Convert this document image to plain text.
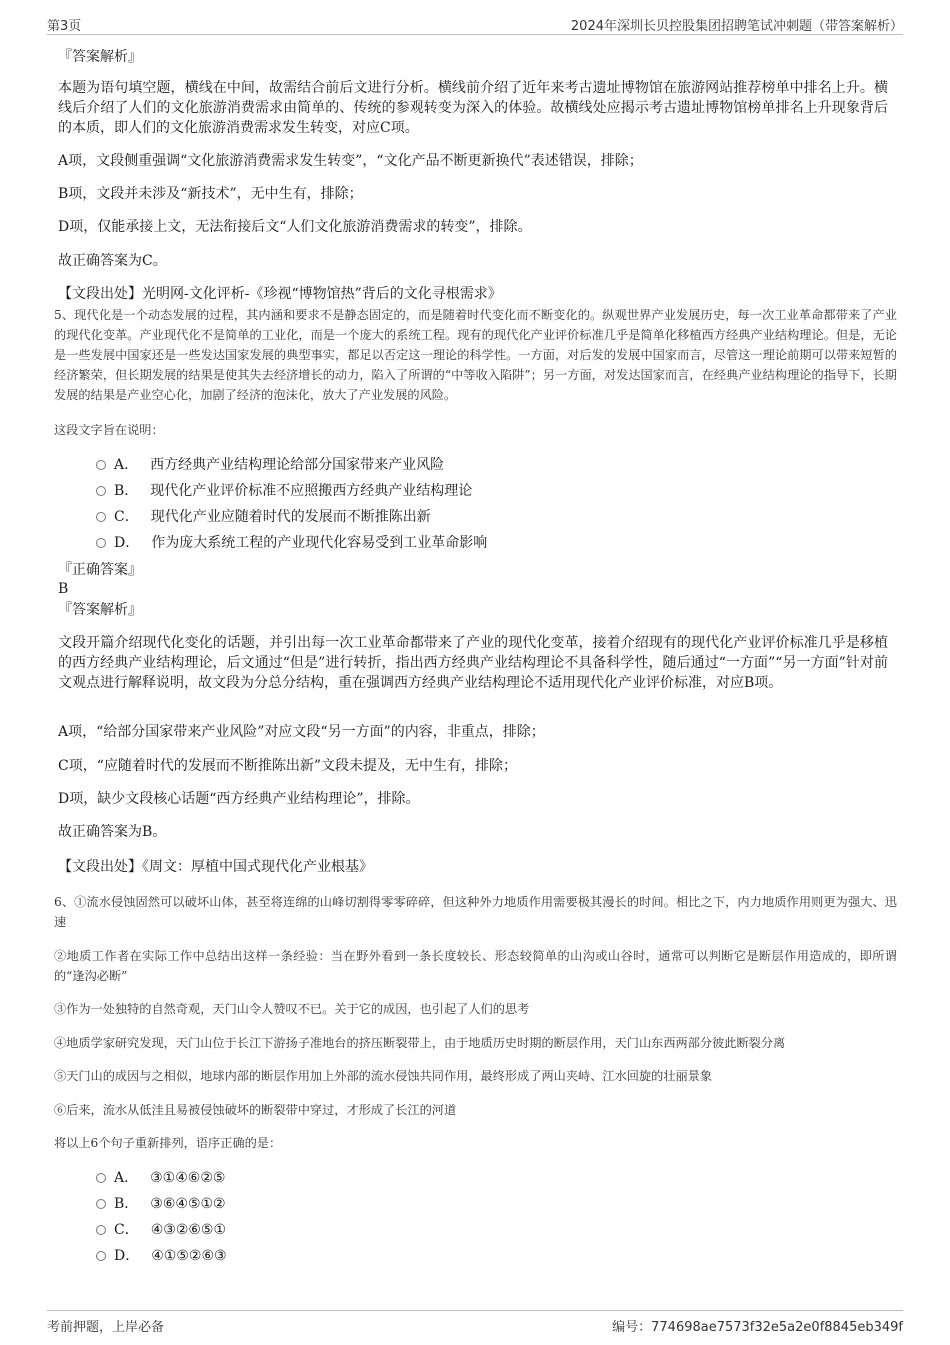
第3页	2024年深圳长贝控股集团招聘笔试冲刺题（带答案解析）
『答案解析』
本题为语句填空题，横线在中间，故需结合前后文进行分析。横线前介绍了近年来考古遗址博物馆在旅游网站推荐榜单中排名上升。横线后介绍了人们的文化旅游消费需求由简单的、传统的参观转变为深入的体验。故横线处应揭示考古遗址博物馆榜单排名上升现象背后的本质，即人们的文化旅游消费需求发生转变，对应C项。
A项，文段侧重强调“文化旅游消费需求发生转变”，“文化产品不断更新换代”表述错误，排除；
B项，文段并未涉及“新技术”，无中生有，排除；
D项，仅能承接上文，无法衔接后文“人们文化旅游消费需求的转变”，排除。
故正确答案为C。
【文段出处】光明网-文化评析-《珍视“博物馆热”背后的文化寻根需求》
5、现代化是一个动态发展的过程，其内涵和要求不是静态固定的，而是随着时代变化而不断变化的。纵观世界产业发展历史，每一次工业革命都带来了产业的现代化变革。产业现代化不是简单的工业化，而是一个庞大的系统工程。现有的现代化产业评价标准几乎是简单化移植西方经典产业结构理论。但是，无论是一些发展中国家还是一些发达国家发展的典型事实，都足以否定这一理论的科学性。一方面，对后发的发展中国家而言，尽管这一理论前期可以带来短暂的经济繁荣，但长期发展的结果是使其失去经济增长的动力，陷入了所谓的“中等收入陷阱”；另一方面，对发达国家而言，在经典产业结构理论的指导下，长期发展的结果是产业空心化，加剧了经济的泡沫化，放大了产业发展的风险。
这段文字旨在说明：
A． 西方经典产业结构理论给部分国家带来产业风险
B． 现代化产业评价标准不应照搬西方经典产业结构理论
C． 现代化产业应随着时代的发展而不断推陈出新
D． 作为庞大系统工程的产业现代化容易受到工业革命影响
『正确答案』
B
『答案解析』
文段开篇介绍现代化变化的话题，并引出每一次工业革命都带来了产业的现代化变革，接着介绍现有的现代化产业评价标准几乎是移植的西方经典产业结构理论，后文通过“但是”进行转折，指出西方经典产业结构理论不具备科学性，随后通过“一方面”“另一方面”针对前文观点进行解释说明，故文段为分总分结构，重在强调西方经典产业结构理论不适用现代化产业评价标准，对应B项。
A项，“给部分国家带来产业风险”对应文段“另一方面”的内容，非重点，排除；
C项，“应随着时代的发展而不断推陈出新”文段未提及，无中生有，排除；
D项，缺少文段核心话题“西方经典产业结构理论”，排除。
故正确答案为B。
【文段出处】《周文：厚植中国式现代化产业根基》
6、①流水侵蚀固然可以破坏山体，甚至将连绵的山峰切割得零零碎碎，但这种外力地质作用需要极其漫长的时间。相比之下，内力地质作用则更为强大、迅速
②地质工作者在实际工作中总结出这样一条经验：当在野外看到一条长度较长、形态较简单的山沟或山谷时，通常可以判断它是断层作用造成的，即所谓的“逢沟必断”
③作为一处独特的自然奇观，天门山令人赞叹不已。关于它的成因，也引起了人们的思考
④地质学家研究发现，天门山位于长江下游扬子准地台的挤压断裂带上，由于地质历史时期的断层作用，天门山东西两部分彼此断裂分离
⑤天门山的成因与之相似，地球内部的断层作用加上外部的流水侵蚀共同作用，最终形成了两山夹峙、江水回旋的壮丽景象
⑥后来，流水从低洼且易被侵蚀破坏的断裂带中穿过，才形成了长江的河道
将以上6个句子重新排列，语序正确的是：
A． ③①④⑥②⑤
B． ③⑥④⑤①②
C． ④③②⑥⑤①
D． ④①⑤②⑥③
考前押题，上岸必备	编号：774698ae7573f32e5a2e0f8845eb349f
